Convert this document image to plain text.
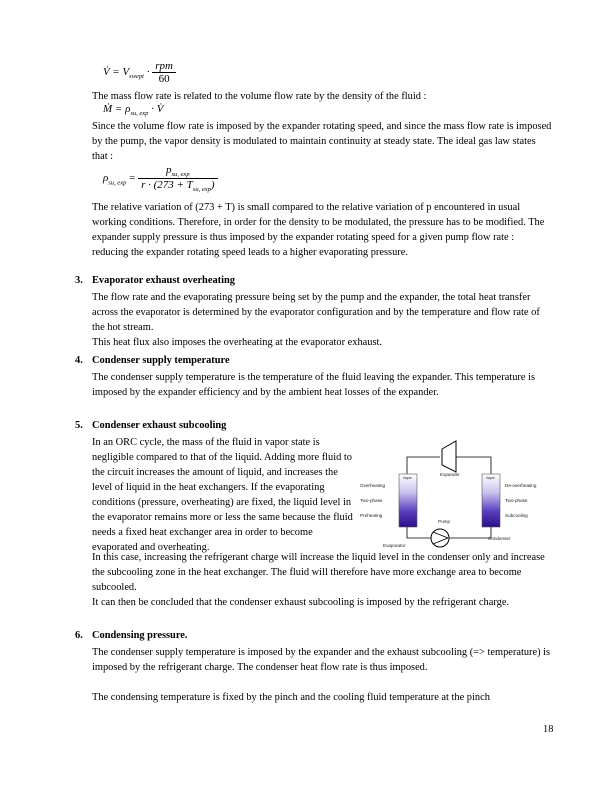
V̇ = $V_{swept} \cdot \frac{\text{rpm}}{60}$

The mass flow rate is related to the volume flow rate by the density of the fluid :

Ṁ = $\rho_{su, exp}$ · V̇

Since the volume flow rate is imposed by the expander rotating speed, and since the mass flow rate is imposed by the pump, the vapor density is modulated to maintain continuity at steady state. The ideal gas law states that :

$\rho_{su, exp} = \frac{p_{su, exp}}{r \cdot (273 + T_{su, exp})}$

The relative variation of (273 + T) is small compared to the relative variation of p encountered in usual working conditions. Therefore, in order for the density to be modulated, the pressure has to be modified. The expander supply pressure is thus imposed by the expander rotating speed for a given pump flow rate : reducing the expander rotating speed leads to a higher evaporating pressure.

3. Evaporator exhaust overheating

The flow rate and the evaporating pressure being set by the pump and the expander, the total heat transfer across the evaporator is determined by the evaporator configuration and by the temperature and flow rate of the hot stream.

This heat flux also imposes the overheating at the evaporator exhaust.

4. Condenser supply temperature

The condenser supply temperature is the temperature of the fluid leaving the expander. This temperature is imposed by the expander efficiency and by the ambient heat losses of the expander.

5. Condenser exhaust subcooling

In an ORC cycle, the mass of the fluid in vapor state is negligible compared to that of the liquid. Adding more fluid to the circuit increases the amount of liquid, and increases the level of liquid in the heat exchangers. If the evaporating conditions (pressure, overheating) are fixed, the liquid level in the evaporator remains more or less the same because the fluid needs a fixed heat exchanger area in order to become evaporated and overheating.

In this case, increasing the refrigerant charge will increase the liquid level in the condenser only and increase the subcooling zone in the heat exchanger. The fluid will therefore have more exchange area to become subcooled.

It can then be concluded that the condenser exhaust subcooling is imposed by the refrigerant charge.

Expander
Pump
Evaporator
Condenser
Vapor	Vapor
Overheating
Two-phase
Preheating
De-overheating
Two-phase
Subcooling
6. Condensing pressure.

The condenser supply temperature is imposed by the expander and the exhaust subcooling (=> temperature) is imposed by the refrigerant charge. The condenser heat flow rate is thus imposed.

The condensing temperature is fixed by the pinch and the cooling fluid temperature at the pinch

18
